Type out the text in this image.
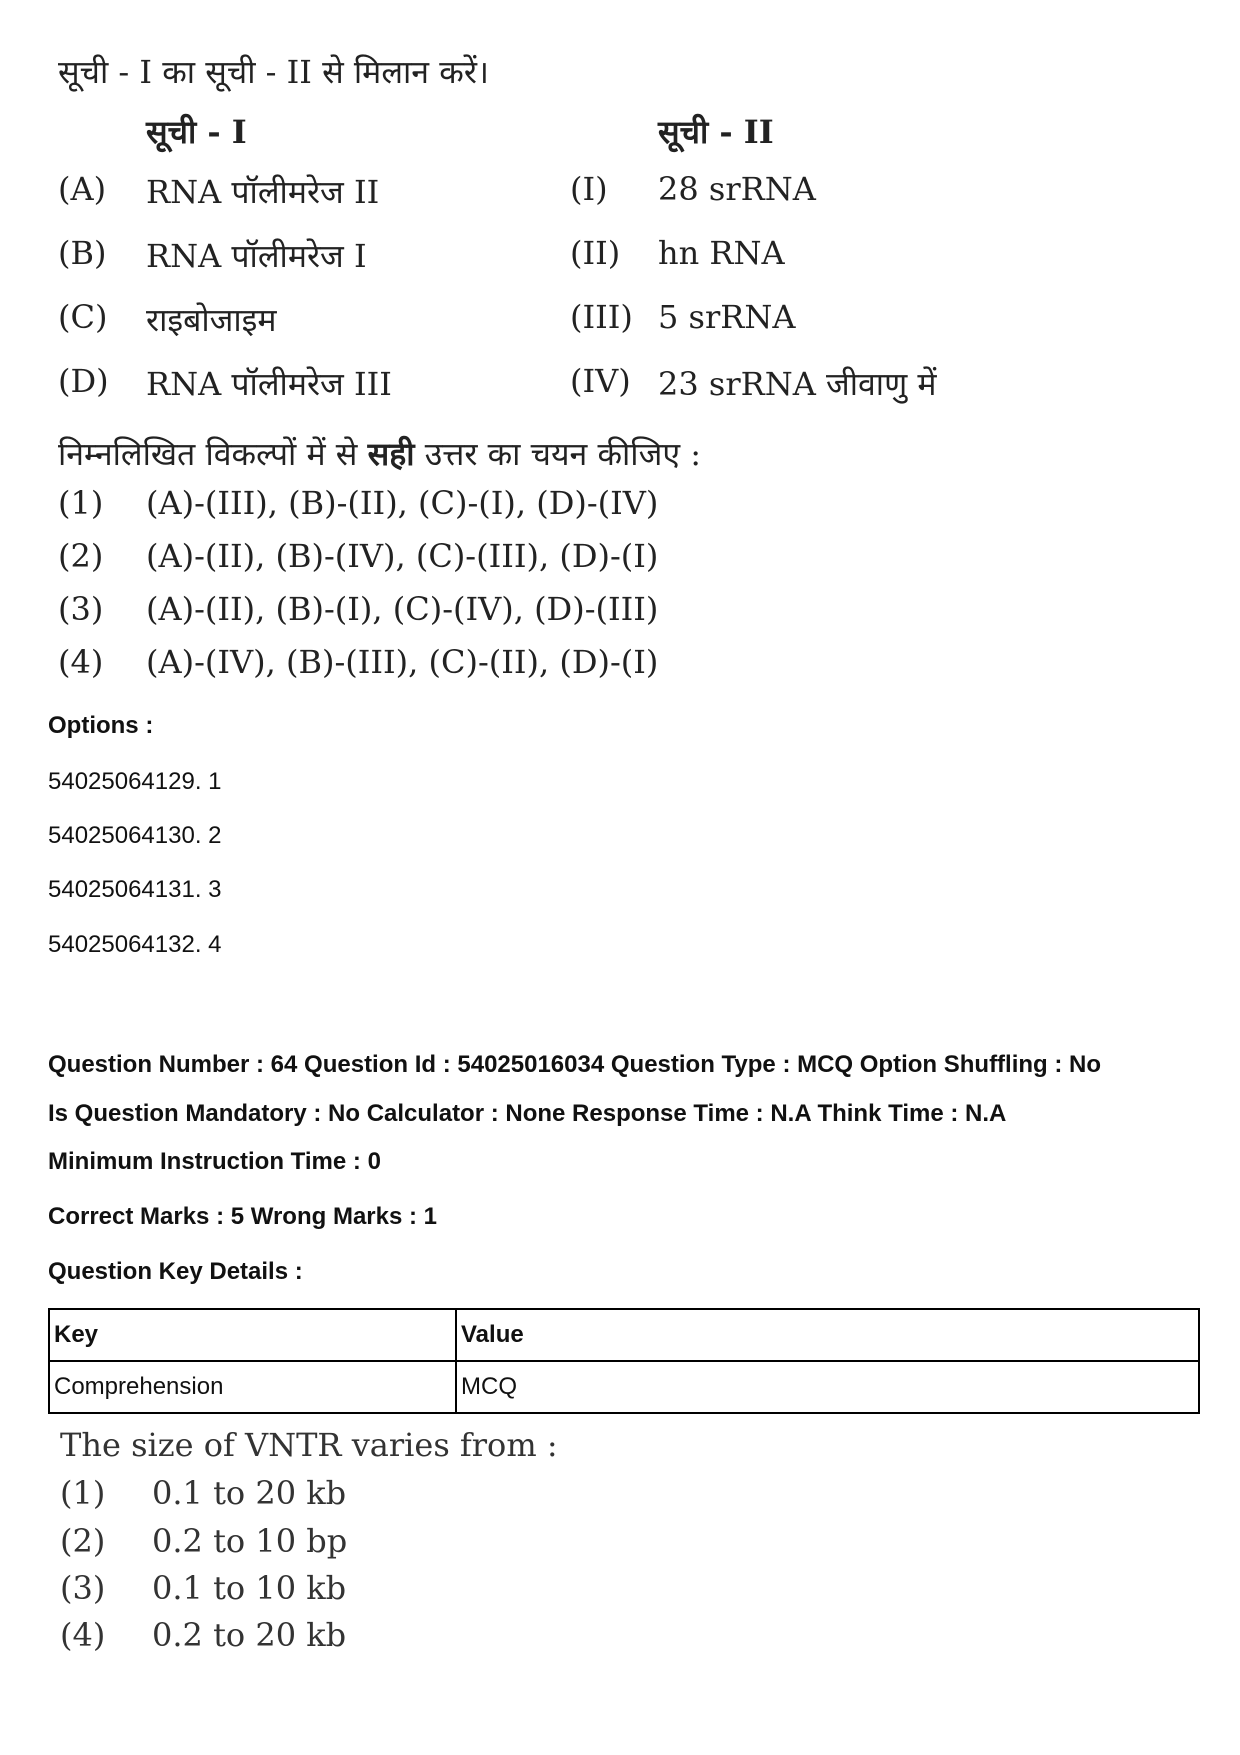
सूची - I का सूची - II से मिलान करें।
सूची - I	सूची - II
(A) RNA पॉलीमरेज II	(I) 28 srRNA
(B) RNA पॉलीमरेज I	(II) hn RNA
(C) राइबोजाइम	(III) 5 srRNA
(D) RNA पॉलीमरेज III	(IV) 23 srRNA जीवाणु में
निम्नलिखित विकल्पों में से सही उत्तर का चयन कीजिए :
(1) (A)-(III), (B)-(II), (C)-(I), (D)-(IV)
(2) (A)-(II), (B)-(IV), (C)-(III), (D)-(I)
(3) (A)-(II), (B)-(I), (C)-(IV), (D)-(III)
(4) (A)-(IV), (B)-(III), (C)-(II), (D)-(I)
Options :
54025064129. 1
54025064130. 2
54025064131. 3
54025064132. 4
Question Number : 64 Question Id : 54025016034 Question Type : MCQ Option Shuffling : No
Is Question Mandatory : No Calculator : None Response Time : N.A Think Time : N.A
Minimum Instruction Time : 0
Correct Marks : 5 Wrong Marks : 1
Question Key Details :
Key	Value
Comprehension	MCQ
The size of VNTR varies from :
(1) 0.1 to 20 kb
(2) 0.2 to 10 bp
(3) 0.1 to 10 kb
(4) 0.2 to 20 kb
